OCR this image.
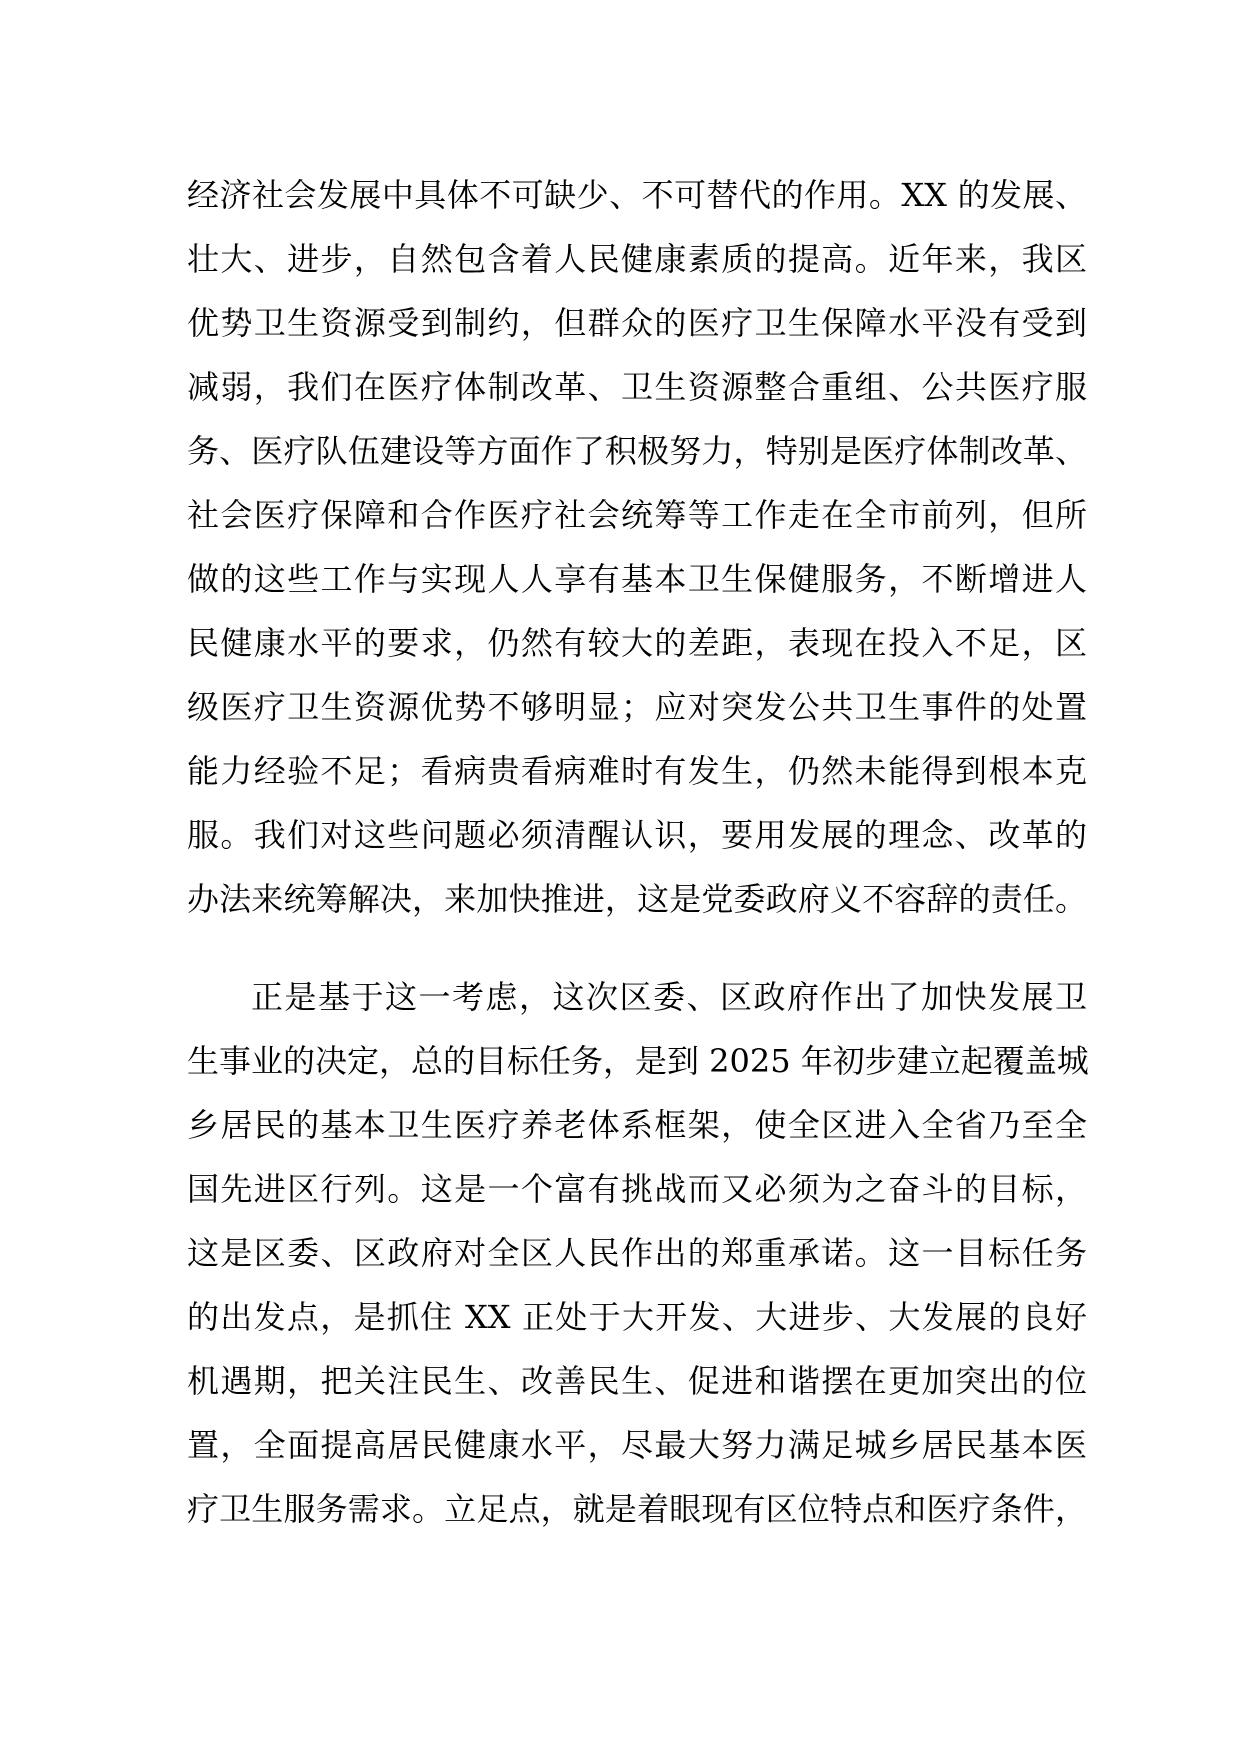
经济社会发展中具体不可缺少、不可替代的作用。XX 的发展、
壮大、进步，自然包含着人民健康素质的提高。近年来，我区
优势卫生资源受到制约，但群众的医疗卫生保障水平没有受到
减弱，我们在医疗体制改革、卫生资源整合重组、公共医疗服
务、医疗队伍建设等方面作了积极努力，特别是医疗体制改革、
社会医疗保障和合作医疗社会统筹等工作走在全市前列，但所
做的这些工作与实现人人享有基本卫生保健服务，不断增进人
民健康水平的要求，仍然有较大的差距，表现在投入不足，区
级医疗卫生资源优势不够明显；应对突发公共卫生事件的处置
能力经验不足；看病贵看病难时有发生，仍然未能得到根本克
服。我们对这些问题必须清醒认识，要用发展的理念、改革的
办法来统筹解决，来加快推进，这是党委政府义不容辞的责任。
正是基于这一考虑，这次区委、区政府作出了加快发展卫
生事业的决定，总的目标任务，是到 2025 年初步建立起覆盖城
乡居民的基本卫生医疗养老体系框架，使全区进入全省乃至全
国先进区行列。这是一个富有挑战而又必须为之奋斗的目标，
这是区委、区政府对全区人民作出的郑重承诺。这一目标任务
的出发点，是抓住 XX 正处于大开发、大进步、大发展的良好
机遇期，把关注民生、改善民生、促进和谐摆在更加突出的位
置，全面提高居民健康水平，尽最大努力满足城乡居民基本医
疗卫生服务需求。立足点，就是着眼现有区位特点和医疗条件，
